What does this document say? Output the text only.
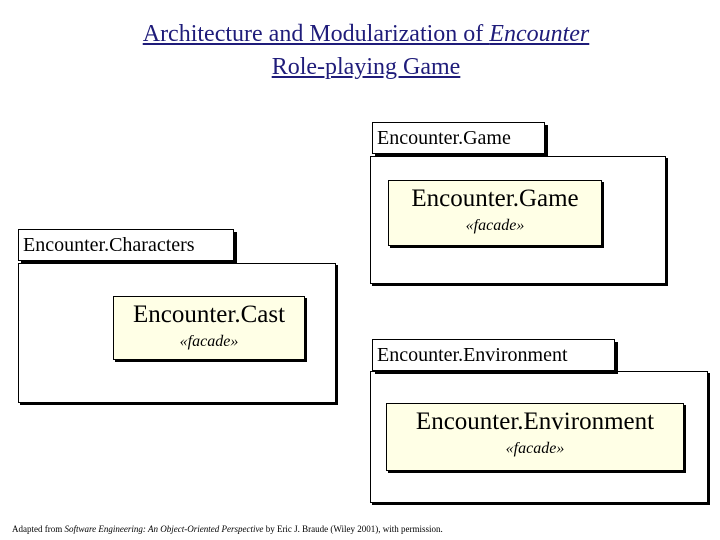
Architecture and Modularization of Encounter
Role-playing Game
Encounter.Game
Encounter.Game
«facade»
Encounter.Characters
Encounter.Cast
«facade»
Encounter.Environment
Encounter.Environment
«facade»
Adapted from Software Engineering: An Object-Oriented Perspective by Eric J. Braude (Wiley 2001), with permission.
